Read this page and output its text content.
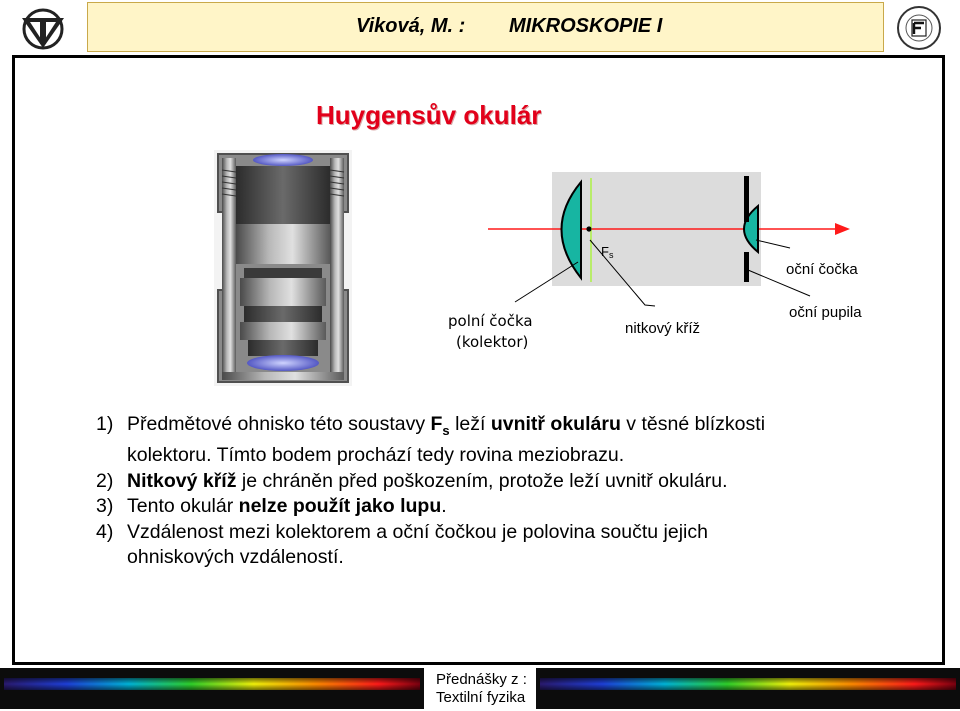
Viková, M. : MIKROSKOPIE I
Huygensův okulár
Fs
oční čočka
oční pupila
nitkový kříž
polní čočka
(kolektor)

1) Předmětové ohnisko této soustavy $F_s$ leží uvnitř okuláru v těsné blízkosti

kolektoru. Tímto bodem prochází tedy rovina meziobrazu.

2) Nitkový kříž je chráněn před poškozením, protože leží uvnitř okuláru.

3) Tento okulár nelze použít jako lupu.

4) Vzdálenost mezi kolektorem a oční čočkou je polovina součtu jejich

ohniskových vzdáleností.

Přednášky z :
Textilní fyzika
